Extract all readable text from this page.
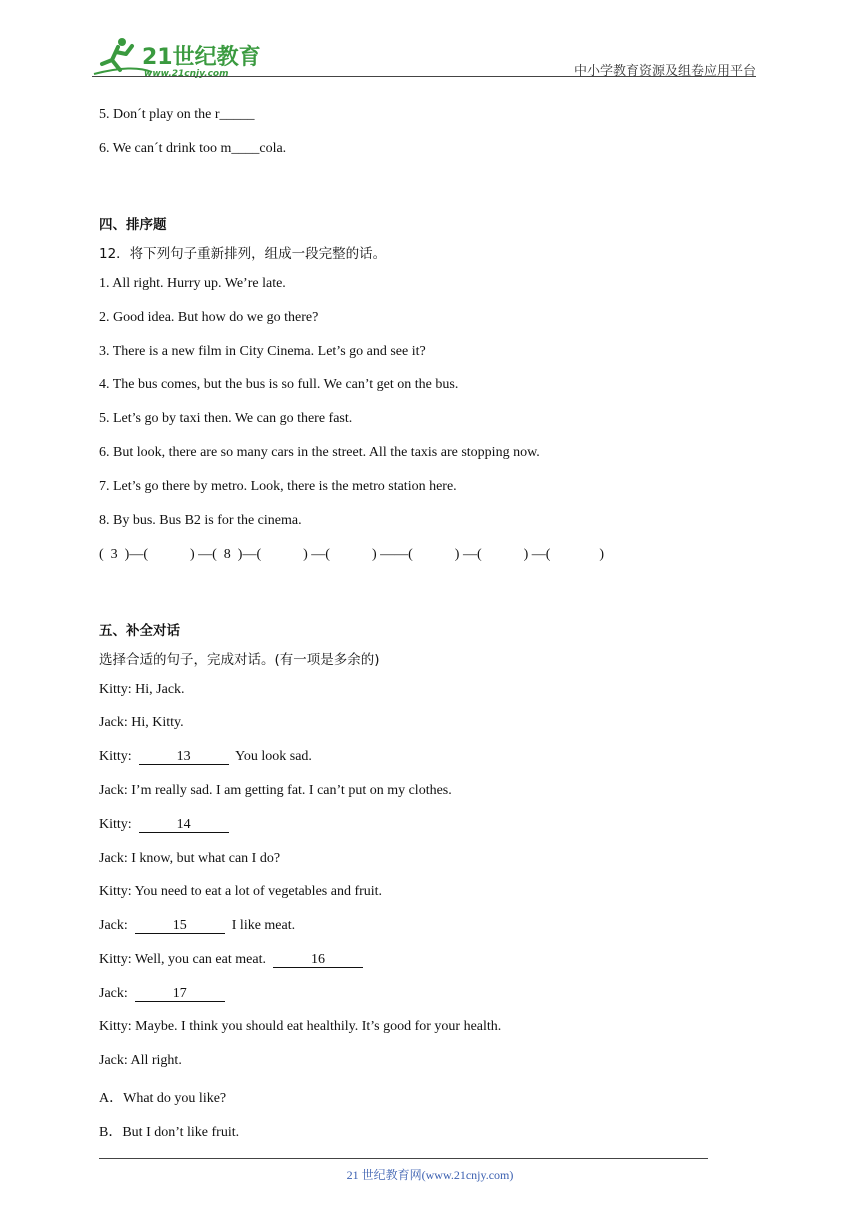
21世纪教育
www.21cnjy.com	中小学教育资源及组卷应用平台
5. Don´t play on the r_____
6. We can´t drink too m____cola.
四、排序题
12．将下列句子重新排列，组成一段完整的话。
1. All right. Hurry up. We’re late.
2. Good idea. But how do we go there?
3. There is a new film in City Cinema. Let’s go and see it?
4. The bus comes, but the bus is so full. We can’t get on the bus.
5. Let’s go by taxi then. We can go there fast.
6. But look, there are so many cars in the street. All the taxis are stopping now.
7. Let’s go there by metro. Look, there is the metro station here.
8. By bus. Bus B2 is for the cinema.
(  3  )—(            ) —(  8  )—(            ) —(            ) ——(            ) —(            ) —(              )
五、补全对话
选择合适的句子，完成对话。(有一项是多余的)
Kitty: Hi, Jack.
Jack: Hi, Kitty.
Kitty:	13	You look sad.
Jack: I’m really sad. I am getting fat. I can’t put on my clothes.
Kitty:	14
Jack: I know, but what can I do?
Kitty: You need to eat a lot of vegetables and fruit.
Jack:	15	I like meat.
Kitty: Well, you can eat meat.	16
Jack:	17
Kitty: Maybe. I think you should eat healthily. It’s good for your health.
Jack: All right.
A．What do you like?
B．But I don’t like fruit.
21 世纪教育网(www.21cnjy.com)
